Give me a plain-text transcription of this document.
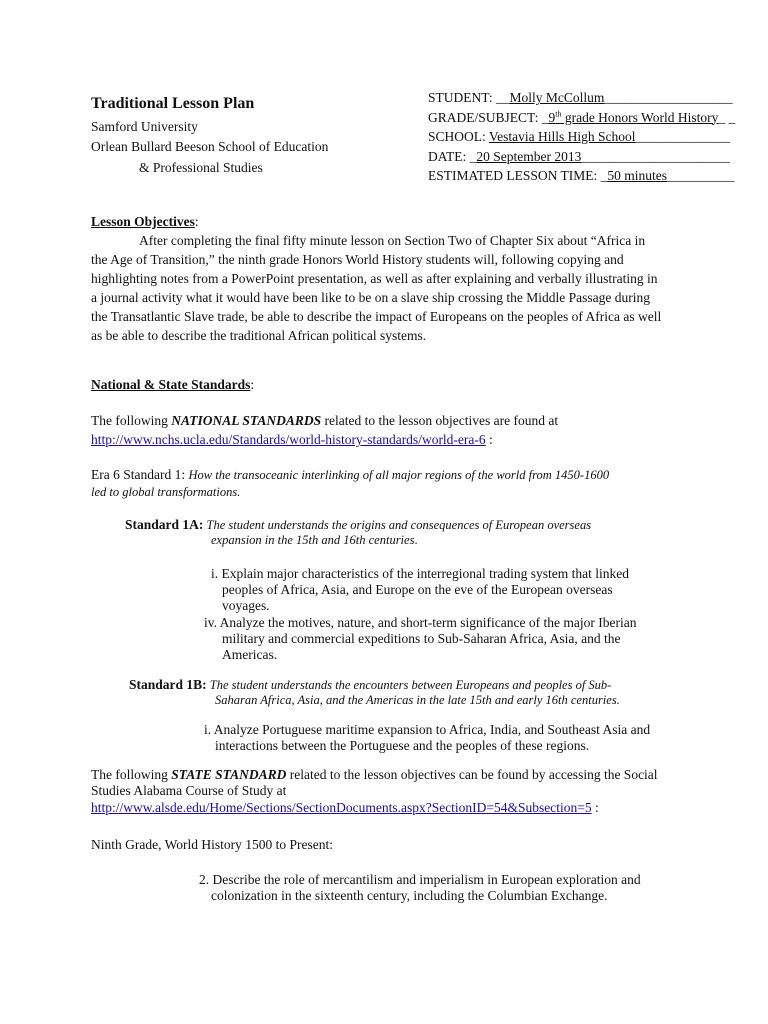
Traditional Lesson Plan
Samford University
Orlean Bullard Beeson School of Education
& Professional Studies
STUDENT: __Molly McCollum___________________
GRADE/SUBJECT: _9th grade Honors World History_ _
SCHOOL: Vestavia Hills High School______________
DATE: _20 September 2013______________________
ESTIMATED LESSON TIME: _50 minutes__________
Lesson Objectives:
After completing the final fifty minute lesson on Section Two of Chapter Six about “Africa in
the Age of Transition,” the ninth grade Honors World History students will, following copying and
highlighting notes from a PowerPoint presentation, as well as after explaining and verbally illustrating in
a journal activity what it would have been like to be on a slave ship crossing the Middle Passage during
the Transatlantic Slave trade, be able to describe the impact of Europeans on the peoples of Africa as well
as be able to describe the traditional African political systems.
National & State Standards:
The following NATIONAL STANDARDS related to the lesson objectives are found at
http://www.nchs.ucla.edu/Standards/world-history-standards/world-era-6 :
Era 6 Standard 1: How the transoceanic interlinking of all major regions of the world from 1450-1600
led to global transformations.
Standard 1A: The student understands the origins and consequences of European overseas
expansion in the 15th and 16th centuries.
i. Explain major characteristics of the interregional trading system that linked
peoples of Africa, Asia, and Europe on the eve of the European overseas
voyages.
iv. Analyze the motives, nature, and short-term significance of the major Iberian
military and commercial expeditions to Sub-Saharan Africa, Asia, and the
Americas.
Standard 1B: The student understands the encounters between Europeans and peoples of Sub-
Saharan Africa, Asia, and the Americas in the late 15th and early 16th centuries.
i. Analyze Portuguese maritime expansion to Africa, India, and Southeast Asia and
interactions between the Portuguese and the peoples of these regions.
The following STATE STANDARD related to the lesson objectives can be found by accessing the Social
Studies Alabama Course of Study at
http://www.alsde.edu/Home/Sections/SectionDocuments.aspx?SectionID=54&Subsection=5 :
Ninth Grade, World History 1500 to Present:
2. Describe the role of mercantilism and imperialism in European exploration and
colonization in the sixteenth century, including the Columbian Exchange.
